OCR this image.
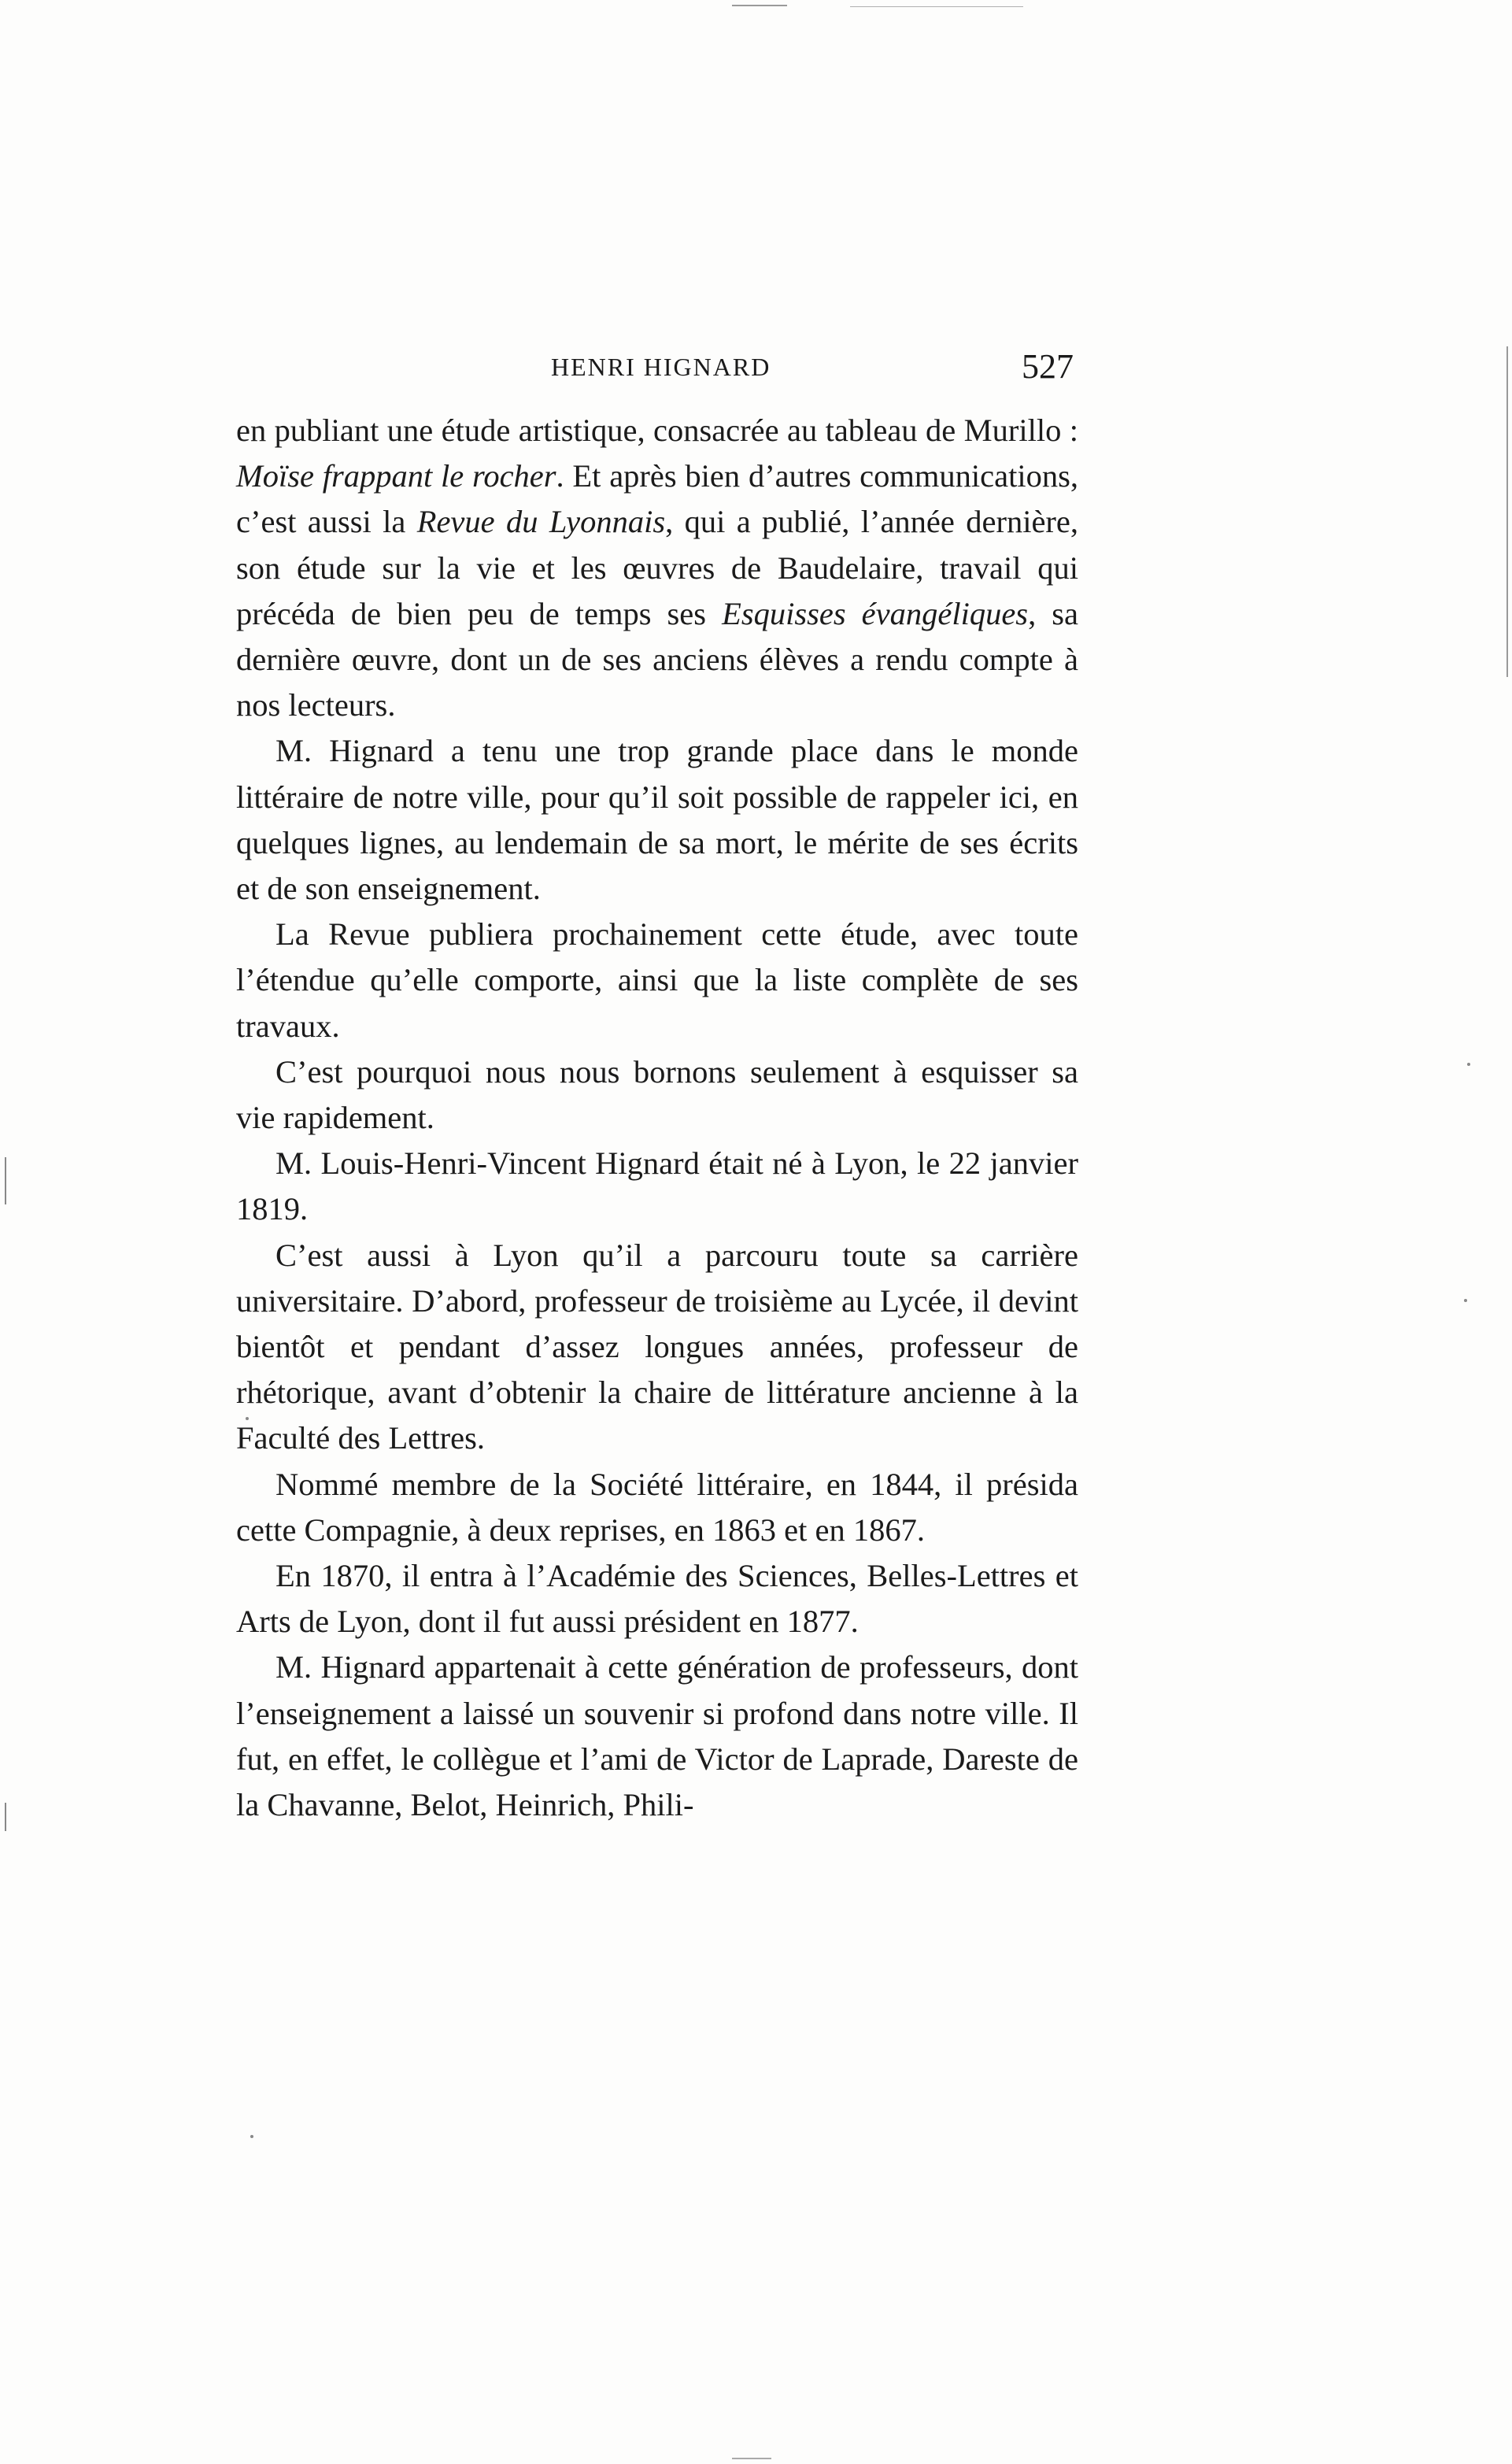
HENRI HIGNARD	527

en publiant une étude artistique, consacrée au tableau de Murillo : Moïse frappant le rocher. Et après bien d’autres communications, c’est aussi la Revue du Lyonnais, qui a publié, l’année dernière, son étude sur la vie et les œuvres de Baudelaire, travail qui précéda de bien peu de temps ses Esquisses évangéliques, sa dernière œuvre, dont un de ses anciens élèves a rendu compte à nos lecteurs.

M. Hignard a tenu une trop grande place dans le monde littéraire de notre ville, pour qu’il soit possible de rappeler ici, en quelques lignes, au lendemain de sa mort, le mérite de ses écrits et de son enseignement.

La Revue publiera prochainement cette étude, avec toute l’étendue qu’elle comporte, ainsi que la liste complète de ses travaux.

C’est pourquoi nous nous bornons seulement à esquisser sa vie rapidement.

M. Louis-Henri-Vincent Hignard était né à Lyon, le 22 janvier 1819.

C’est aussi à Lyon qu’il a parcouru toute sa carrière universitaire. D’abord, professeur de troisième au Lycée, il devint bientôt et pendant d’assez longues années, professeur de rhétorique, avant d’obtenir la chaire de littérature ancienne à la Faculté des Lettres.

Nommé membre de la Société littéraire, en 1844, il présida cette Compagnie, à deux reprises, en 1863 et en 1867.

En 1870, il entra à l’Académie des Sciences, Belles-Lettres et Arts de Lyon, dont il fut aussi président en 1877.

M. Hignard appartenait à cette génération de professeurs, dont l’enseignement a laissé un souvenir si profond dans notre ville. Il fut, en effet, le collègue et l’ami de Victor de Laprade, Dareste de la Chavanne, Belot, Heinrich, Phili-
